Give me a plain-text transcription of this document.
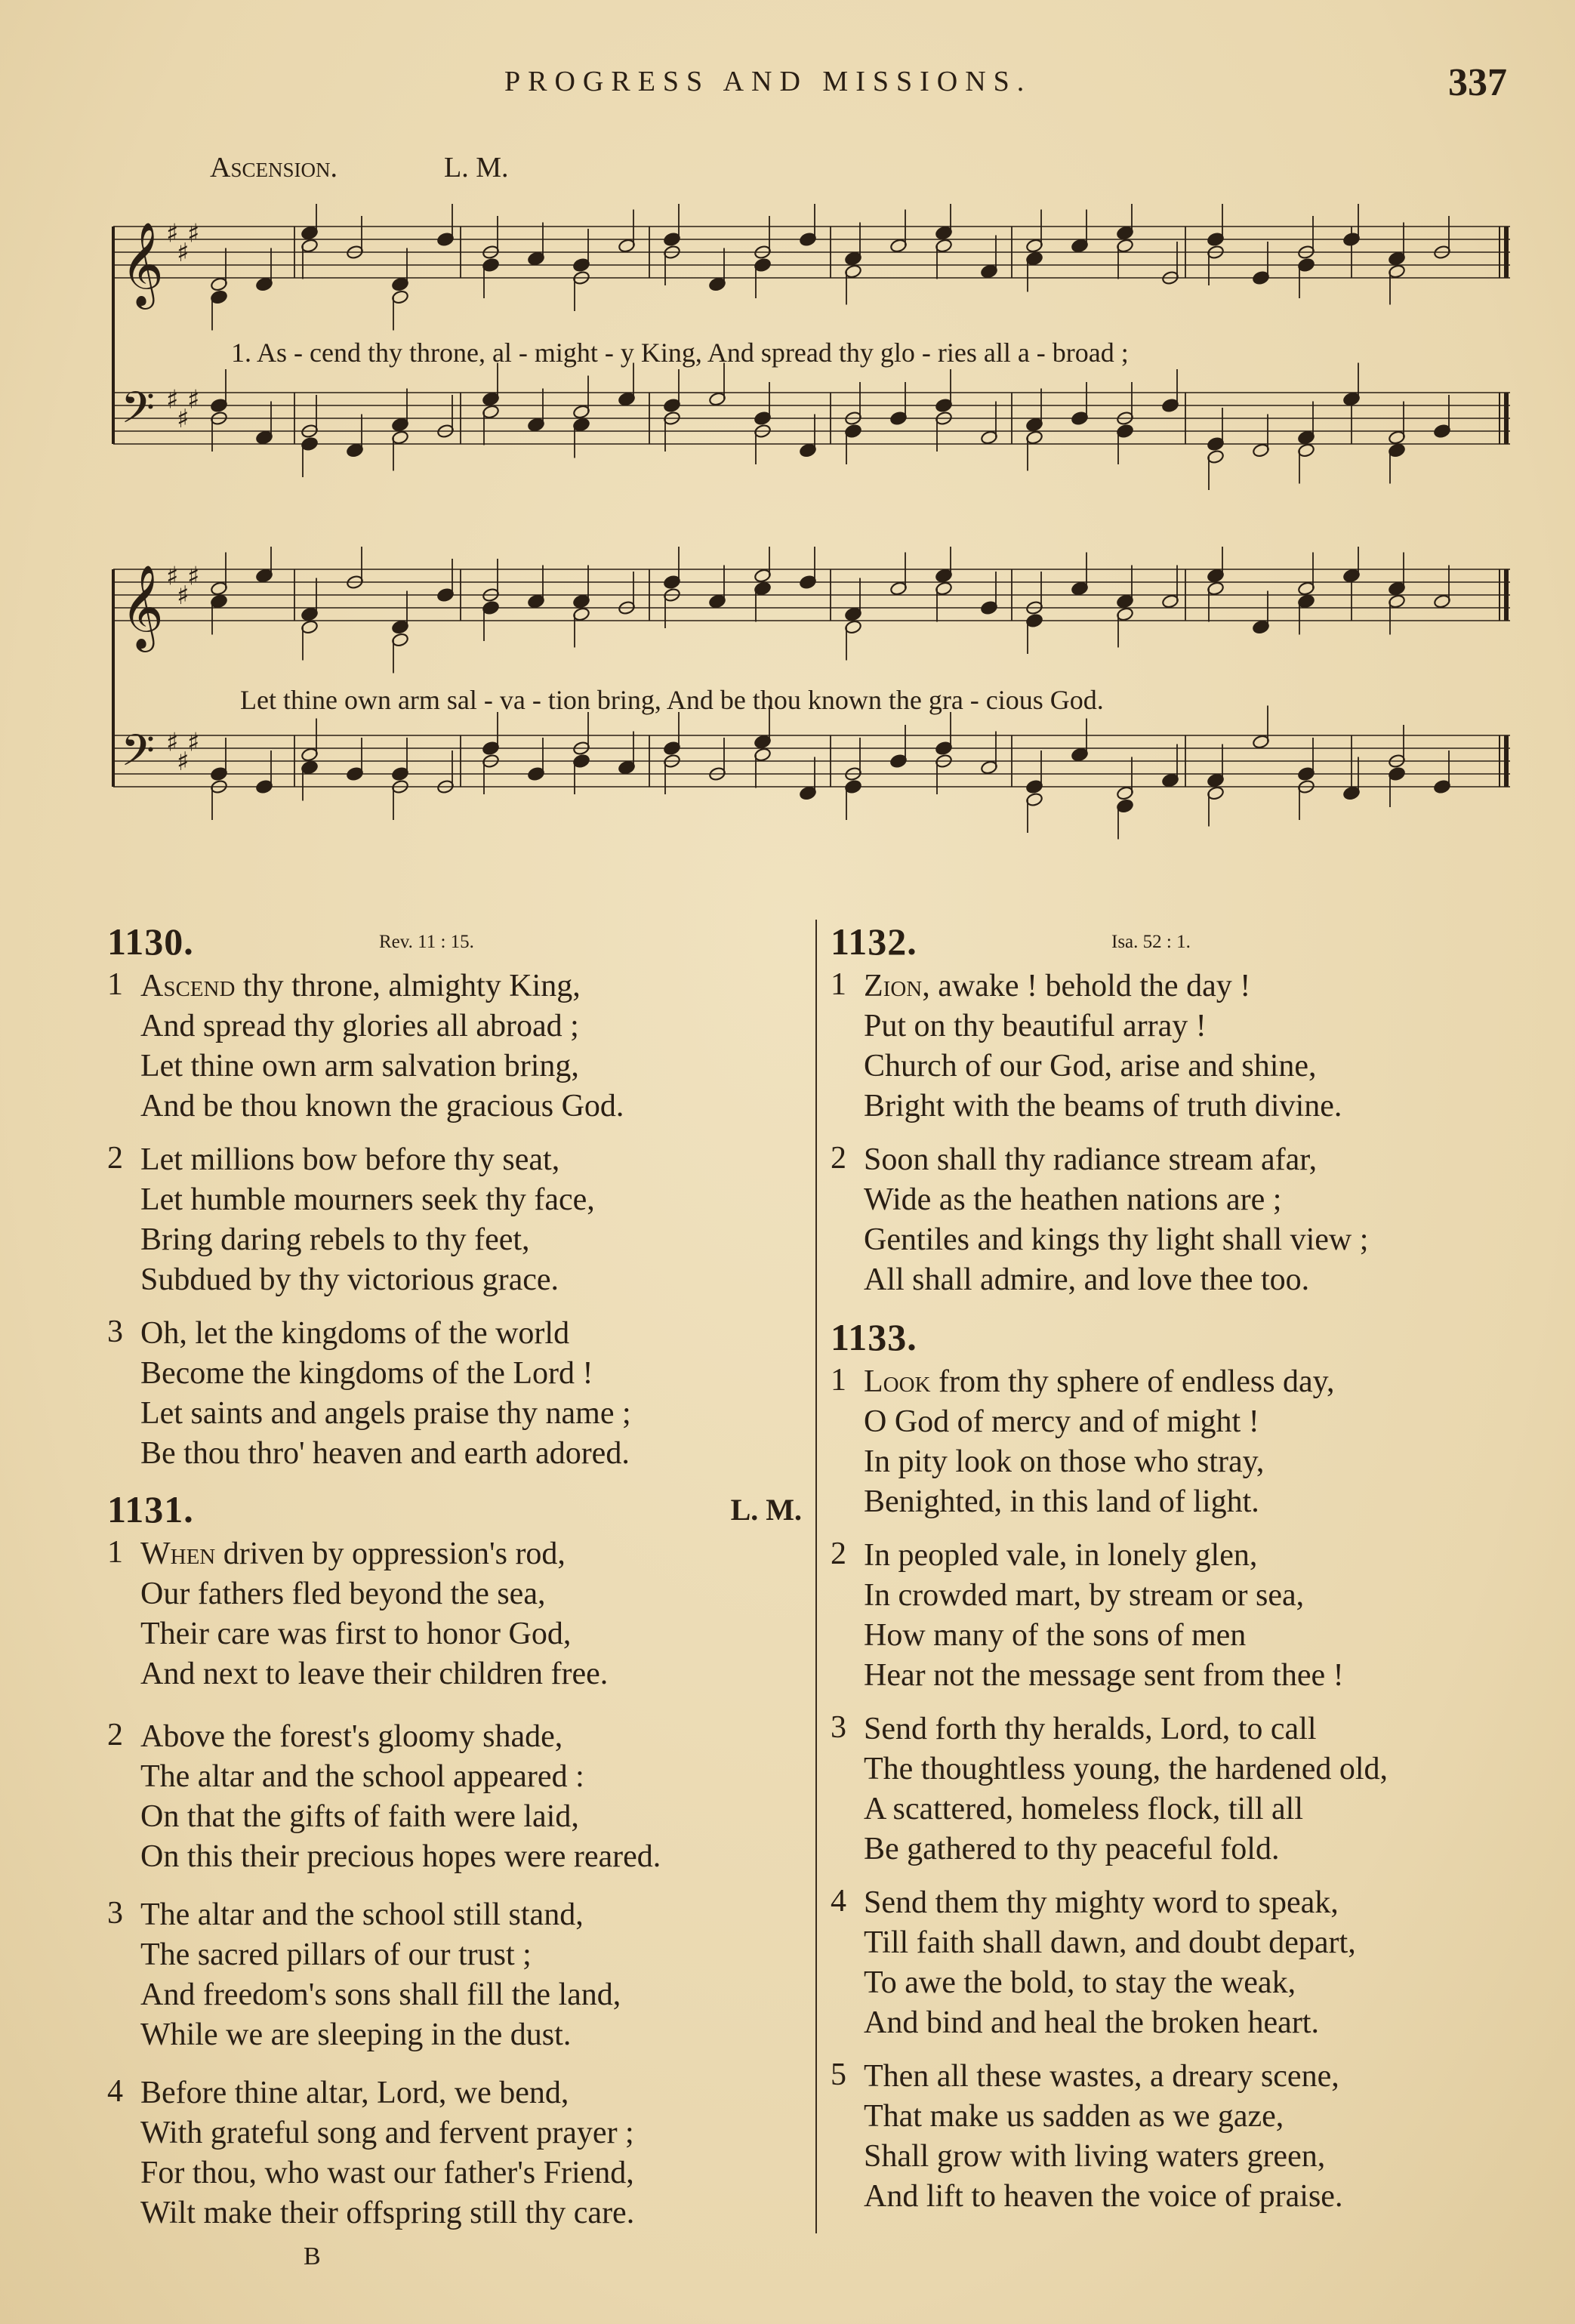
PROGRESS AND MISSIONS.	337
Ascension.	L. M.
𝄞 ♯
♯
♯
𝄢 ♯
♯
♯
1. As - cend thy throne, al - might - y King, And spread thy glo - ries all a - broad ;
𝄞 ♯
♯
♯
𝄢 ♯
♯
♯
Let thine own arm sal - va - tion bring, And be thou known the gra - cious God.
1130.	Rev. 11 : 15.
1 Ascend thy throne, almighty King,
And spread thy glories all abroad ;
Let thine own arm salvation bring,
And be thou known the gracious God.
2 Let millions bow before thy seat,
Let humble mourners seek thy face,
Bring daring rebels to thy feet,
Subdued by thy victorious grace.
3 Oh, let the kingdoms of the world
Become the kingdoms of the Lord !
Let saints and angels praise thy name ;
Be thou thro' heaven and earth adored.
1131.	L. M.
1 When driven by oppression's rod,
Our fathers fled beyond the sea,
Their care was first to honor God,
And next to leave their children free.
2 Above the forest's gloomy shade,
The altar and the school appeared :
On that the gifts of faith were laid,
On this their precious hopes were reared.
3 The altar and the school still stand,
The sacred pillars of our trust ;
And freedom's sons shall fill the land,
While we are sleeping in the dust.
4 Before thine altar, Lord, we bend,
With grateful song and fervent prayer ;
For thou, who wast our father's Friend,
Wilt make their offspring still thy care.
1132.	Isa. 52 : 1.
1 Zion, awake ! behold the day !
Put on thy beautiful array !
Church of our God, arise and shine,
Bright with the beams of truth divine.
2 Soon shall thy radiance stream afar,
Wide as the heathen nations are ;
Gentiles and kings thy light shall view ;
All shall admire, and love thee too.
1133.
1 Look from thy sphere of endless day,
O God of mercy and of might !
In pity look on those who stray,
Benighted, in this land of light.
2 In peopled vale, in lonely glen,
In crowded mart, by stream or sea,
How many of the sons of men
Hear not the message sent from thee !
3 Send forth thy heralds, Lord, to call
The thoughtless young, the hardened old,
A scattered, homeless flock, till all
Be gathered to thy peaceful fold.
4 Send them thy mighty word to speak,
Till faith shall dawn, and doubt depart,
To awe the bold, to stay the weak,
And bind and heal the broken heart.
5 Then all these wastes, a dreary scene,
That make us sadden as we gaze,
Shall grow with living waters green,
And lift to heaven the voice of praise.
B
